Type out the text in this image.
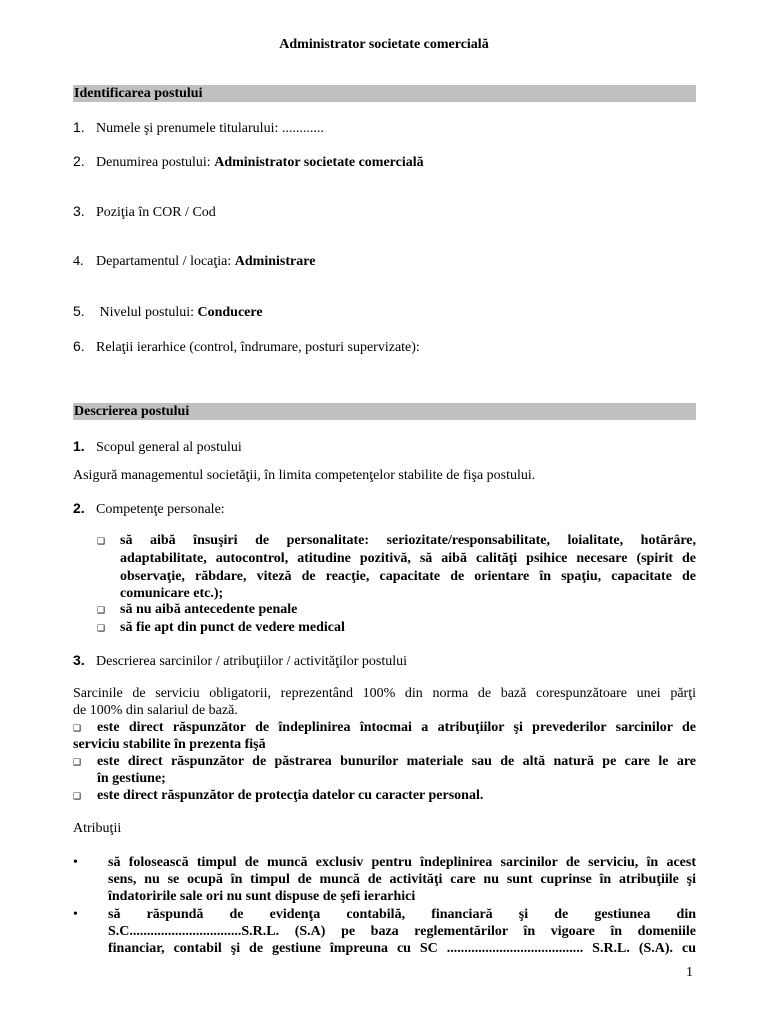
Administrator societate comercială
Identificarea postului
1. Numele şi prenumele titularului: ............
2. Denumirea postului: Administrator societate comercială
3. Poziţia în COR / Cod
4. Departamentul / locaţia: Administrare
5. Nivelul postului: Conducere
6. Relaţii ierarhice (control, îndrumare, posturi supervizate):
Descrierea postului
1. Scopul general al postului
Asigură managementul societăţii, în limita competenţelor stabilite de fişa postului.
2. Competenţe personale:
❑ să aibă însuşiri de personalitate: seriozitate/responsabilitate, loialitate, hotărâre,
adaptabilitate, autocontrol, atitudine pozitivă, să aibă calităţi psihice necesare (spirit de
observaţie, răbdare, viteză de reacţie, capacitate de orientare în spaţiu, capacitate de
comunicare etc.);
❑ să nu aibă antecedente penale
❑ să fie apt din punct de vedere medical
3. Descrierea sarcinilor / atribuţiilor / activităţilor postului
Sarcinile de serviciu obligatorii, reprezentând 100% din norma de bază corespunzătoare unei părţi
de 100% din salariul de bază.
❑	este direct răspunzător de îndeplinirea întocmai a atribuţiilor şi prevederilor sarcinilor de
serviciu stabilite în prezenta fişă
❑	este direct răspunzător de păstrarea bunurilor materiale sau de altă natură pe care le are
în gestiune;
❑	este direct răspunzător de protecţia datelor cu caracter personal.
Atribuţii
•	să folosească timpul de muncă exclusiv pentru îndeplinirea sarcinilor de serviciu, în acest
sens, nu se ocupă în timpul de muncă de activităţi care nu sunt cuprinse în atribuţiile şi
îndatoririle sale ori nu sunt dispuse de şefi ierarhici
•	să       răspundă       de       evidenţa       contabilă,       financiară       şi       de       gestiunea       din
S.C................................S.R.L. (S.A) pe baza reglementărilor în vigoare în domeniile
financiar, contabil şi de gestiune împreuna cu SC ....................................... S.R.L. (S.A). cu
1
